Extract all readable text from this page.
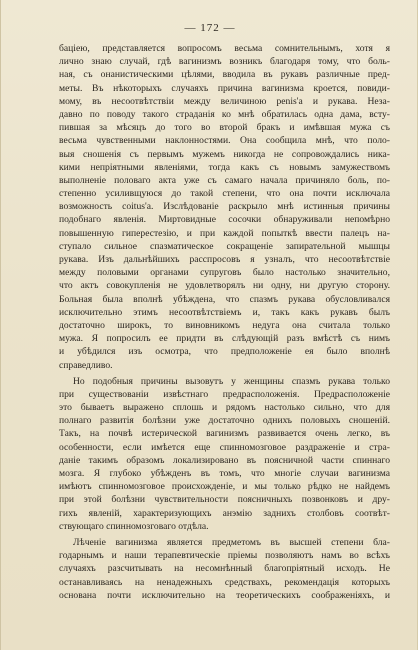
— 172 —
бацiею, представляется вопросомъ весьма сомнительнымъ, хотя я
лично знаю случай, гдѣ вагинизмъ возникъ благодаря тому, что боль-
ная, съ онанистическими цѣлями, вводила въ рукавъ различные пред-
меты. Въ нѣкоторыхъ случаяхъ причина вагинизма кроется, повиди-
мому, въ несоотвѣтствiи между величиною penis'a и рукава. Неза-
давно по поводу такого страданiя ко мнѣ обратилась одна дама, всту-
пившая за мѣсяцъ до того во второй бракъ и имѣвшая мужа съ
весьма чувственными наклонностями. Она сообщила мнѣ, что поло-
выя сношенiя съ первымъ мужемъ никогда не сопровождались ника-
кими непрiятными явленiями, тогда какъ съ новымъ замужествомъ
выполненiе половаго акта уже съ самаго начала причиняло боль, по-
степенно усиливщуюся до такой степени, что она почти исключала
возможность coitus'a. Изслѣдованiе раскрыло мнѣ истинныя причины
подобнаго явленiя. Миртовидные сосочки обнаруживали непомѣрно
повышенную гиперестезiю, и при каждой попыткѣ ввести палецъ на-
ступало сильное спазматическое сокращенiе запирательной мышцы
рукава. Изъ дальнѣйшихъ расспросовъ я узналъ, что несоотвѣтствiе
между половыми органами супруговъ было настолько значительно,
что актъ совокупленiя не удовлетворялъ ни одну, ни другую сторону.
Больная была вполнѣ убѣждена, что спазмъ рукава обусловливался
исключительно этимъ несоотвѣтствiемъ и, такъ какъ рукавъ былъ
достаточно широкъ, то виновникомъ недуга она считала только
мужа. Я попросилъ ее придти въ слѣдующiй разъ вмѣстѣ съ нимъ
и убѣдился изъ осмотра, что предположенiе ея было вполнѣ
справедливо.
Но подобныя причины вызовутъ у женщины спазмъ рукава только
при существованiи извѣстнаго предрасположенiя. Предрасположенiе
это бываетъ выражено сплошь и рядомъ настолько сильно, что для
полнаго развитiя болѣзни уже достаточно однихъ половыхъ сношенiй.
Такъ, на почвѣ истерической вагинизмъ развивается очень легко, въ
особенности, если имѣется еще спинномозговое раздраженiе и стра-
данiе такимъ образомъ локализировано въ поясничной части спиннаго
мозга. Я глубоко убѣжденъ въ томъ, что многiе случаи вагинизма
имѣютъ спинномозговое происхожденiе, и мы только рѣдко не найдемъ
при этой болѣзни чувствительности поясничныхъ позвонковъ и дру-
гихъ явленiй, характеризующихъ анэмiю заднихъ столбовъ соотвѣт-
ствующаго спинномозговаго отдѣла.
Лѣченiе вагинизма является предметомъ въ высшей степени бла-
годарнымъ и наши терапевтическiе прiемы позволяютъ намъ во всѣхъ
случаяхъ разсчитывать на несомнѣнный благопрiятный исходъ. Не
останавливаясь на ненадежныхъ средствахъ, рекомендацiя которыхъ
основана почти исключительно на теоретическихъ соображенiяхъ, и
